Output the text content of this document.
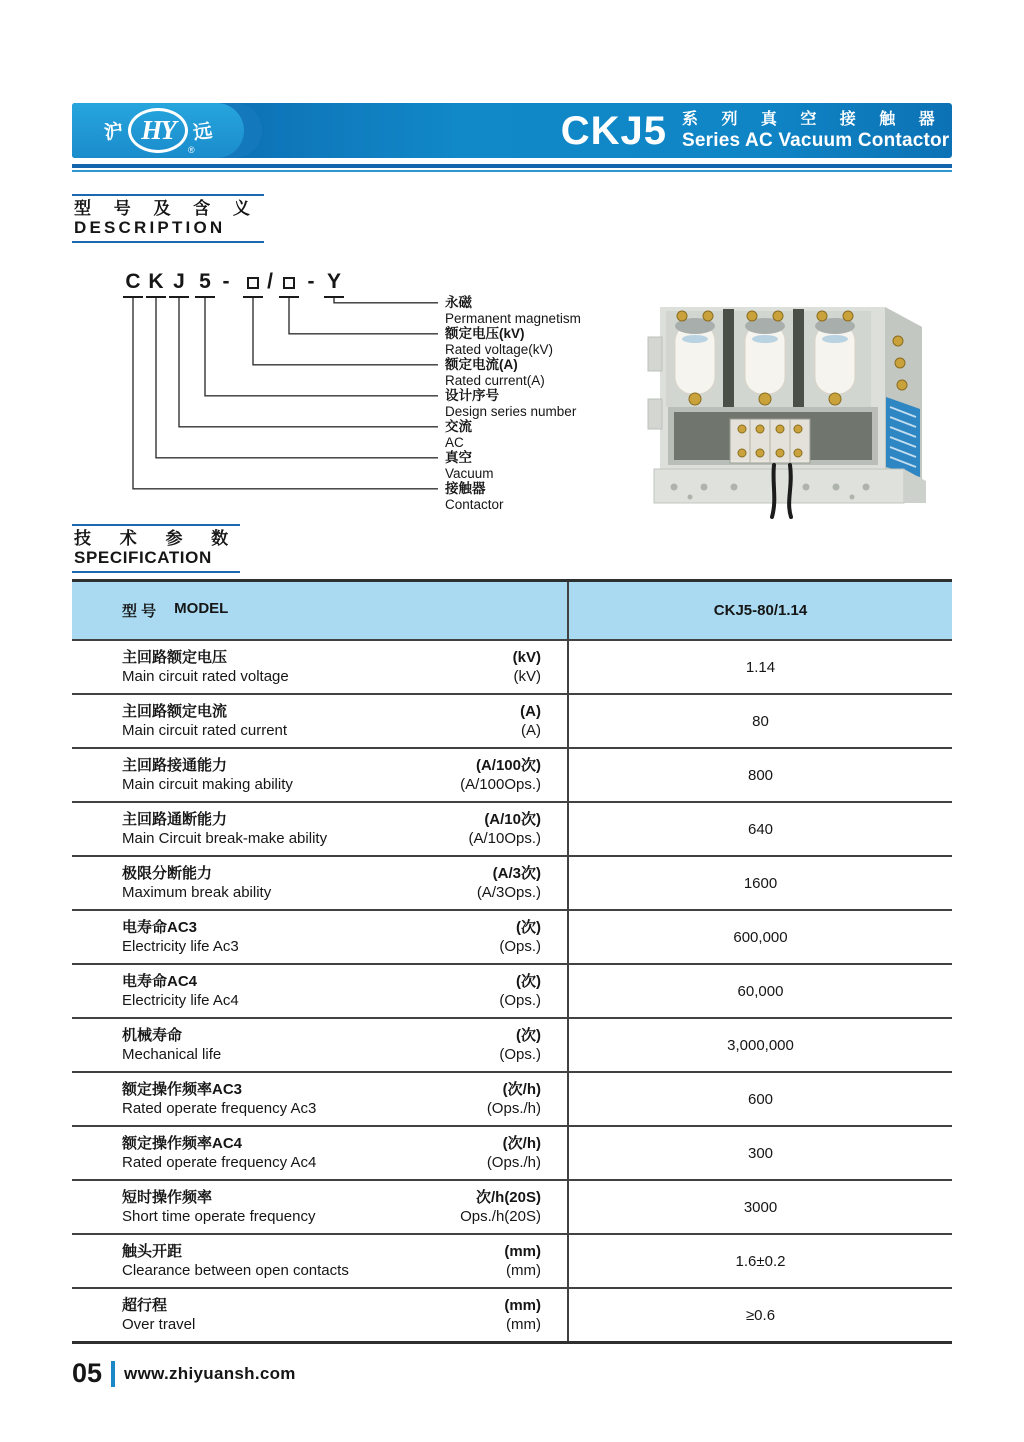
沪 HY 远
®	CKJ5 系 列 真 空 接 触 器
Series AC Vacuum Contactor
型 号 及 含 义
DESCRIPTION
C K J 5 - / - Y
永磁
Permanent magnetism
额定电压(kV)
Rated voltage(kV)
额定电流(A)
Rated current(A)
设计序号
Design series number
交流
AC
真空
Vacuum
接触器
Contactor
技 术 参 数
SPECIFICATION
型 号 MODEL	CKJ5-80/1.14
主回路额定电压
Main circuit rated voltage
(kV)
(kV)
1.14
主回路额定电流
Main circuit rated current
(A)
(A)
80
主回路接通能力
Main circuit making ability
(A/100次)
(A/100Ops.)
800
主回路通断能力
Main Circuit break-make ability
(A/10次)
(A/10Ops.)
640
极限分断能力
Maximum break ability
(A/3次)
(A/3Ops.)
1600
电寿命AC3
Electricity life Ac3
(次)
(Ops.)
600,000
电寿命AC4
Electricity life Ac4
(次)
(Ops.)
60,000
机械寿命
Mechanical life
(次)
(Ops.)
3,000,000
额定操作频率AC3
Rated operate frequency Ac3
(次/h)
(Ops./h)
600
额定操作频率AC4
Rated operate frequency Ac4
(次/h)
(Ops./h)
300
短时操作频率
Short time operate frequency
次/h(20S)
Ops./h(20S)
3000
触头开距
Clearance between open contacts
(mm)
(mm)
1.6±0.2
超行程
Over travel
(mm)
(mm)
≥0.6
05 www.zhiyuansh.com
